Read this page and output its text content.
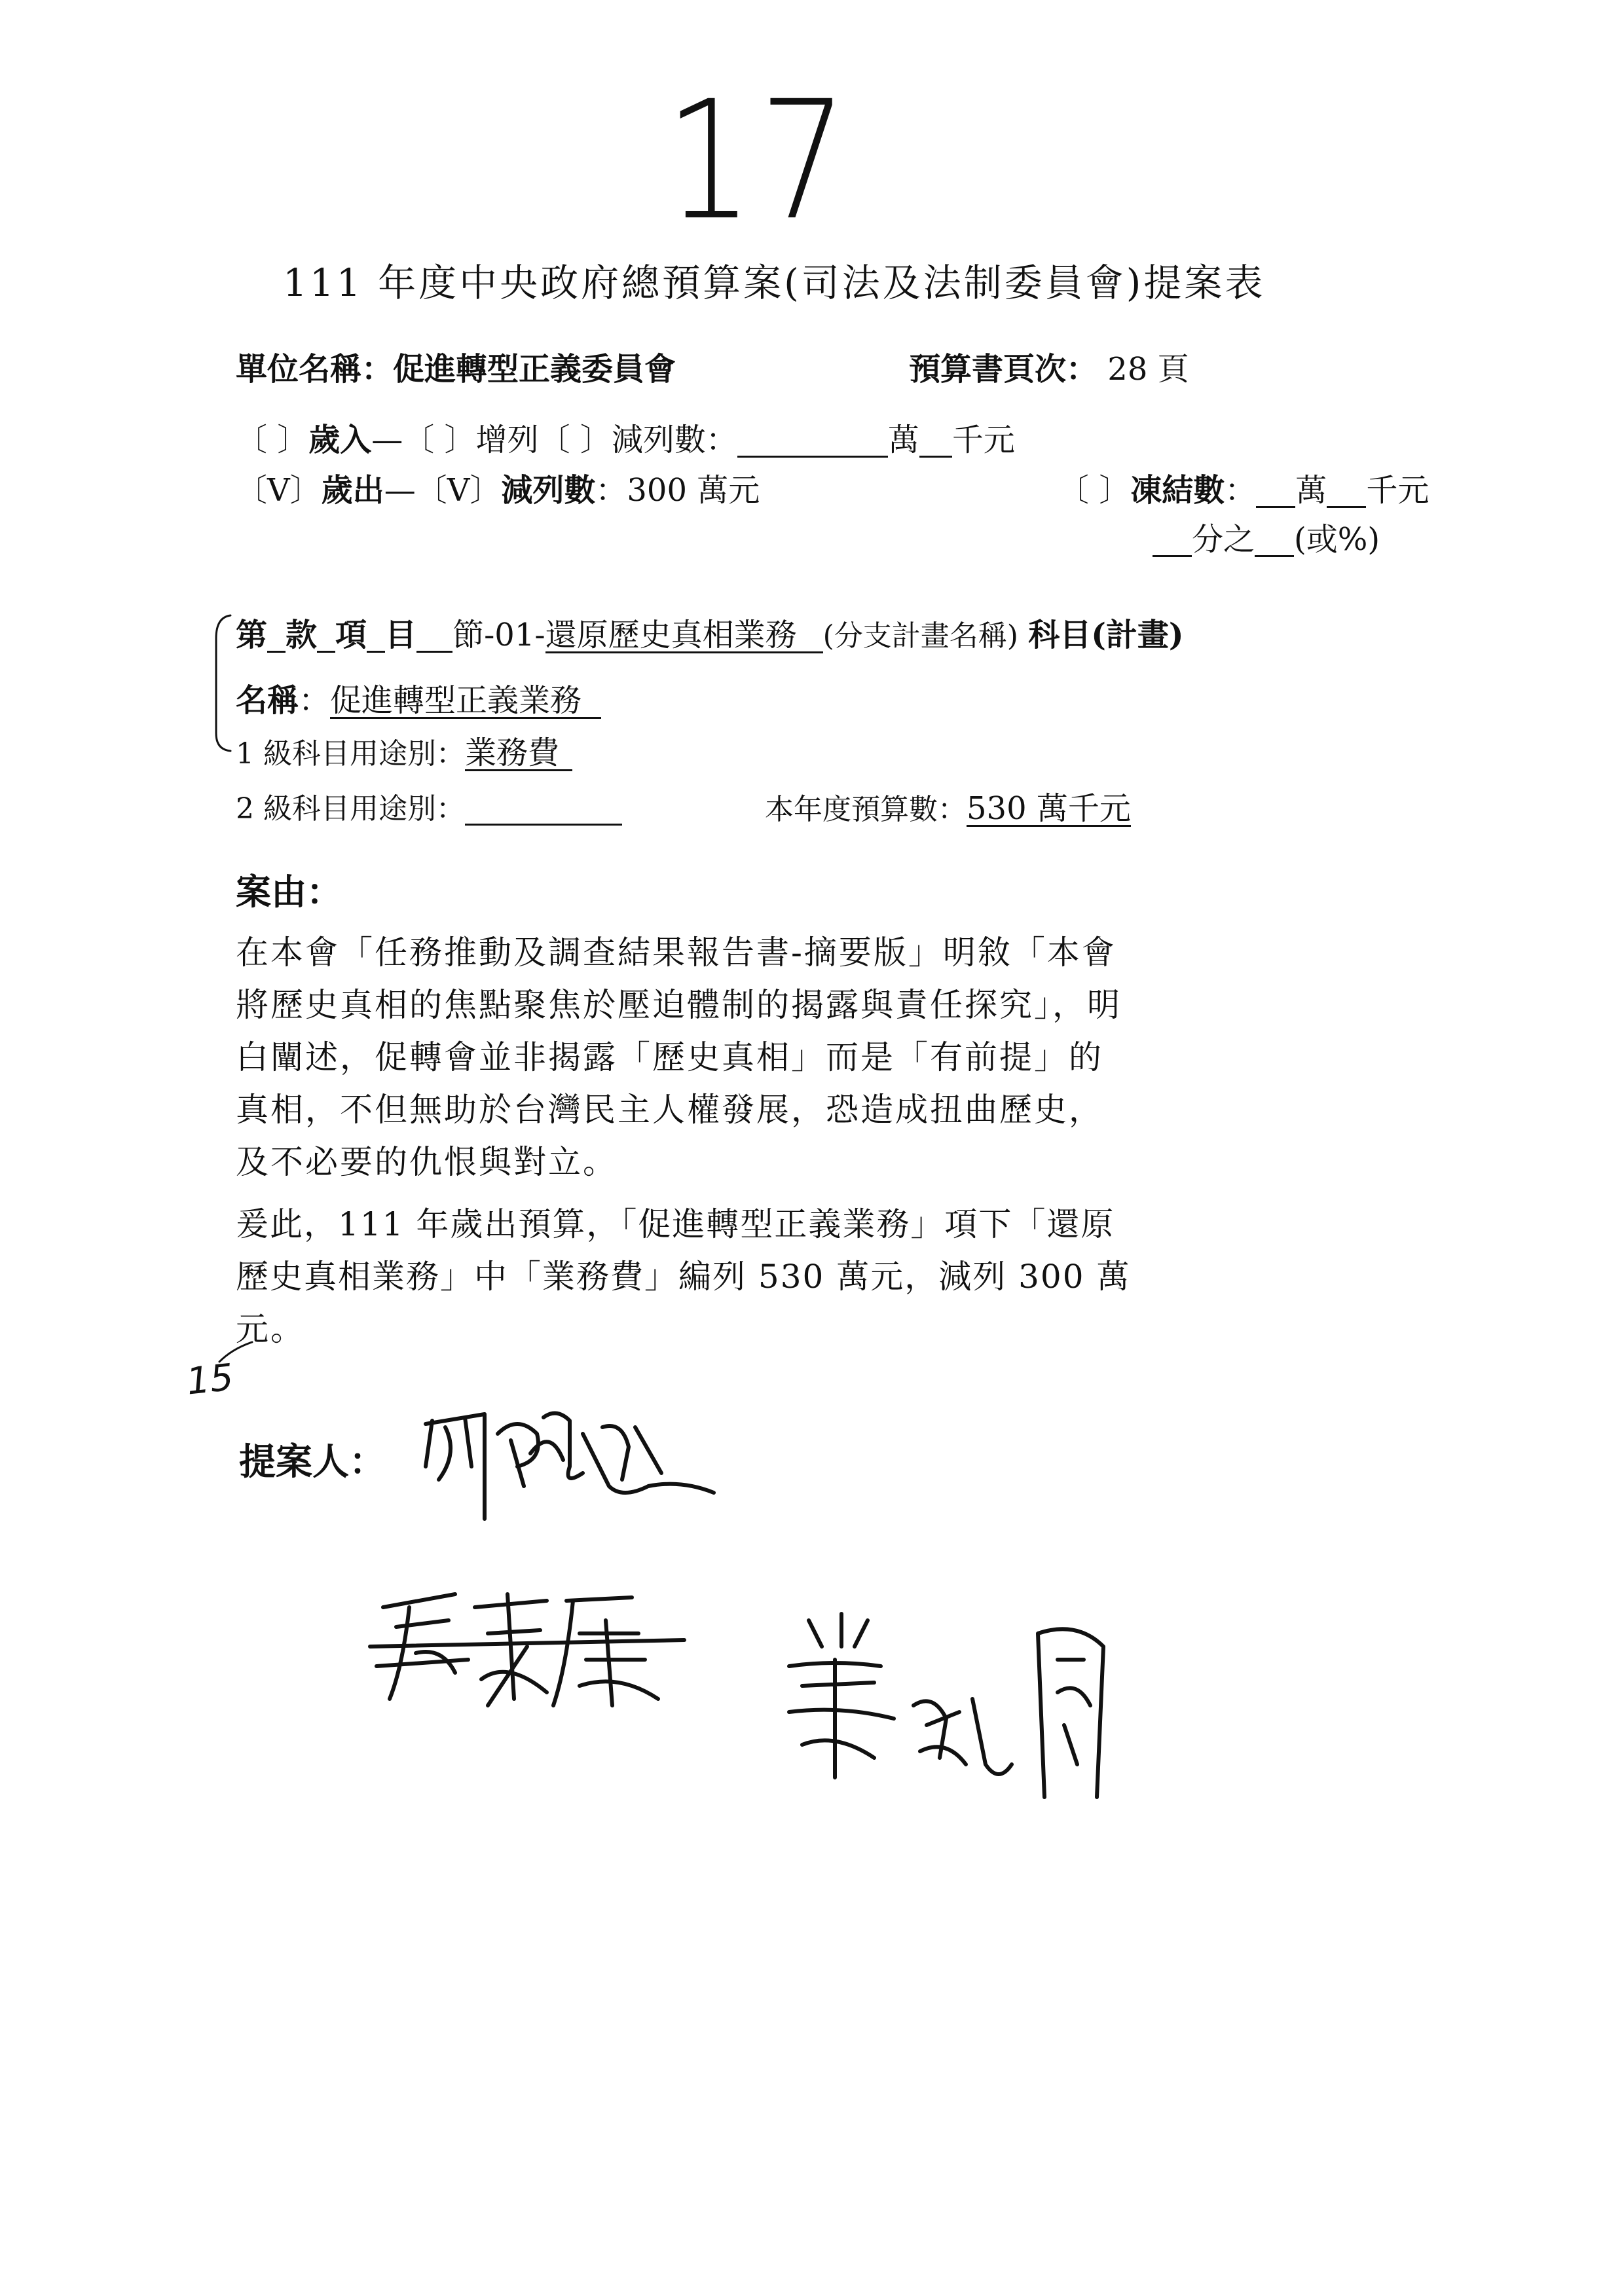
17
111 年度中央政府總預算案(司法及法制委員會)提案表
單位名稱：促進轉型正義委員會	預算書頁次： 28 頁
〔 〕歲入—〔 〕增列〔 〕減列數：	萬 千元
〔V〕歲出—〔V〕減列數：300 萬元	〔 〕凍結數： 萬 千元
分之 (或%)
第 款 項 目 節-01-還原歷史真相業務 (分支計畫名稱) 科目(計畫)
名稱：促進轉型正義業務
1 級科目用途別：業務費
2 級科目用途別：	本年度預算數：530 萬千元
案由：
在本會「任務推動及調查結果報告書-摘要版」明敘「本會
將歷史真相的焦點聚焦於壓迫體制的揭露與責任探究」，明
白闡述，促轉會並非揭露「歷史真相」而是「有前提」的
真相，不但無助於台灣民主人權發展，恐造成扭曲歷史，
及不必要的仇恨與對立。
爰此，111 年歲出預算，「促進轉型正義業務」項下「還原
歷史真相業務」中「業務費」編列 530 萬元，減列 300 萬
元。
15
提案人：
